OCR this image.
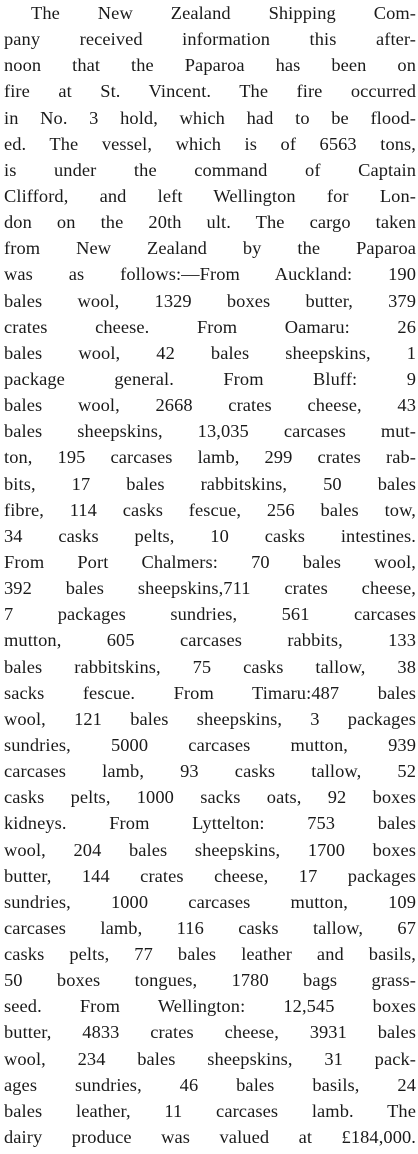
The New Zealand Shipping Com-
pany received information this after-
noon that the Paparoa has been on
fire at St. Vincent. The fire occurred
in No. 3 hold, which had to be flood-
ed. The vessel, which is of 6563 tons,
is under the command of Captain
Clifford, and left Wellington for Lon-
don on the 20th ult. The cargo taken
from New Zealand by the Paparoa
was as follows:—From Auckland: 190
bales wool, 1329 boxes butter, 379
crates cheese. From Oamaru: 26
bales wool, 42 bales sheepskins, 1
package general. From Bluff: 9
bales wool, 2668 crates cheese, 43
bales sheepskins, 13,035 carcases mut-
ton, 195 carcases lamb, 299 crates rab-
bits, 17 bales rabbitskins, 50 bales
fibre, 114 casks fescue, 256 bales tow,
34 casks pelts, 10 casks intestines.
From Port Chalmers: 70 bales wool,
392 bales sheepskins,711 crates cheese,
7 packages sundries, 561 carcases
mutton, 605 carcases rabbits, 133
bales rabbitskins, 75 casks tallow, 38
sacks fescue. From Timaru:487 bales
wool, 121 bales sheepskins, 3 packages
sundries, 5000 carcases mutton, 939
carcases lamb, 93 casks tallow, 52
casks pelts, 1000 sacks oats, 92 boxes
kidneys. From Lyttelton: 753 bales
wool, 204 bales sheepskins, 1700 boxes
butter, 144 crates cheese, 17 packages
sundries, 1000 carcases mutton, 109
carcases lamb, 116 casks tallow, 67
casks pelts, 77 bales leather and basils,
50 boxes tongues, 1780 bags grass-
seed. From Wellington: 12,545 boxes
butter, 4833 crates cheese, 3931 bales
wool, 234 bales sheepskins, 31 pack-
ages sundries, 46 bales basils, 24
bales leather, 11 carcases lamb. The
dairy produce was valued at £184,000.
